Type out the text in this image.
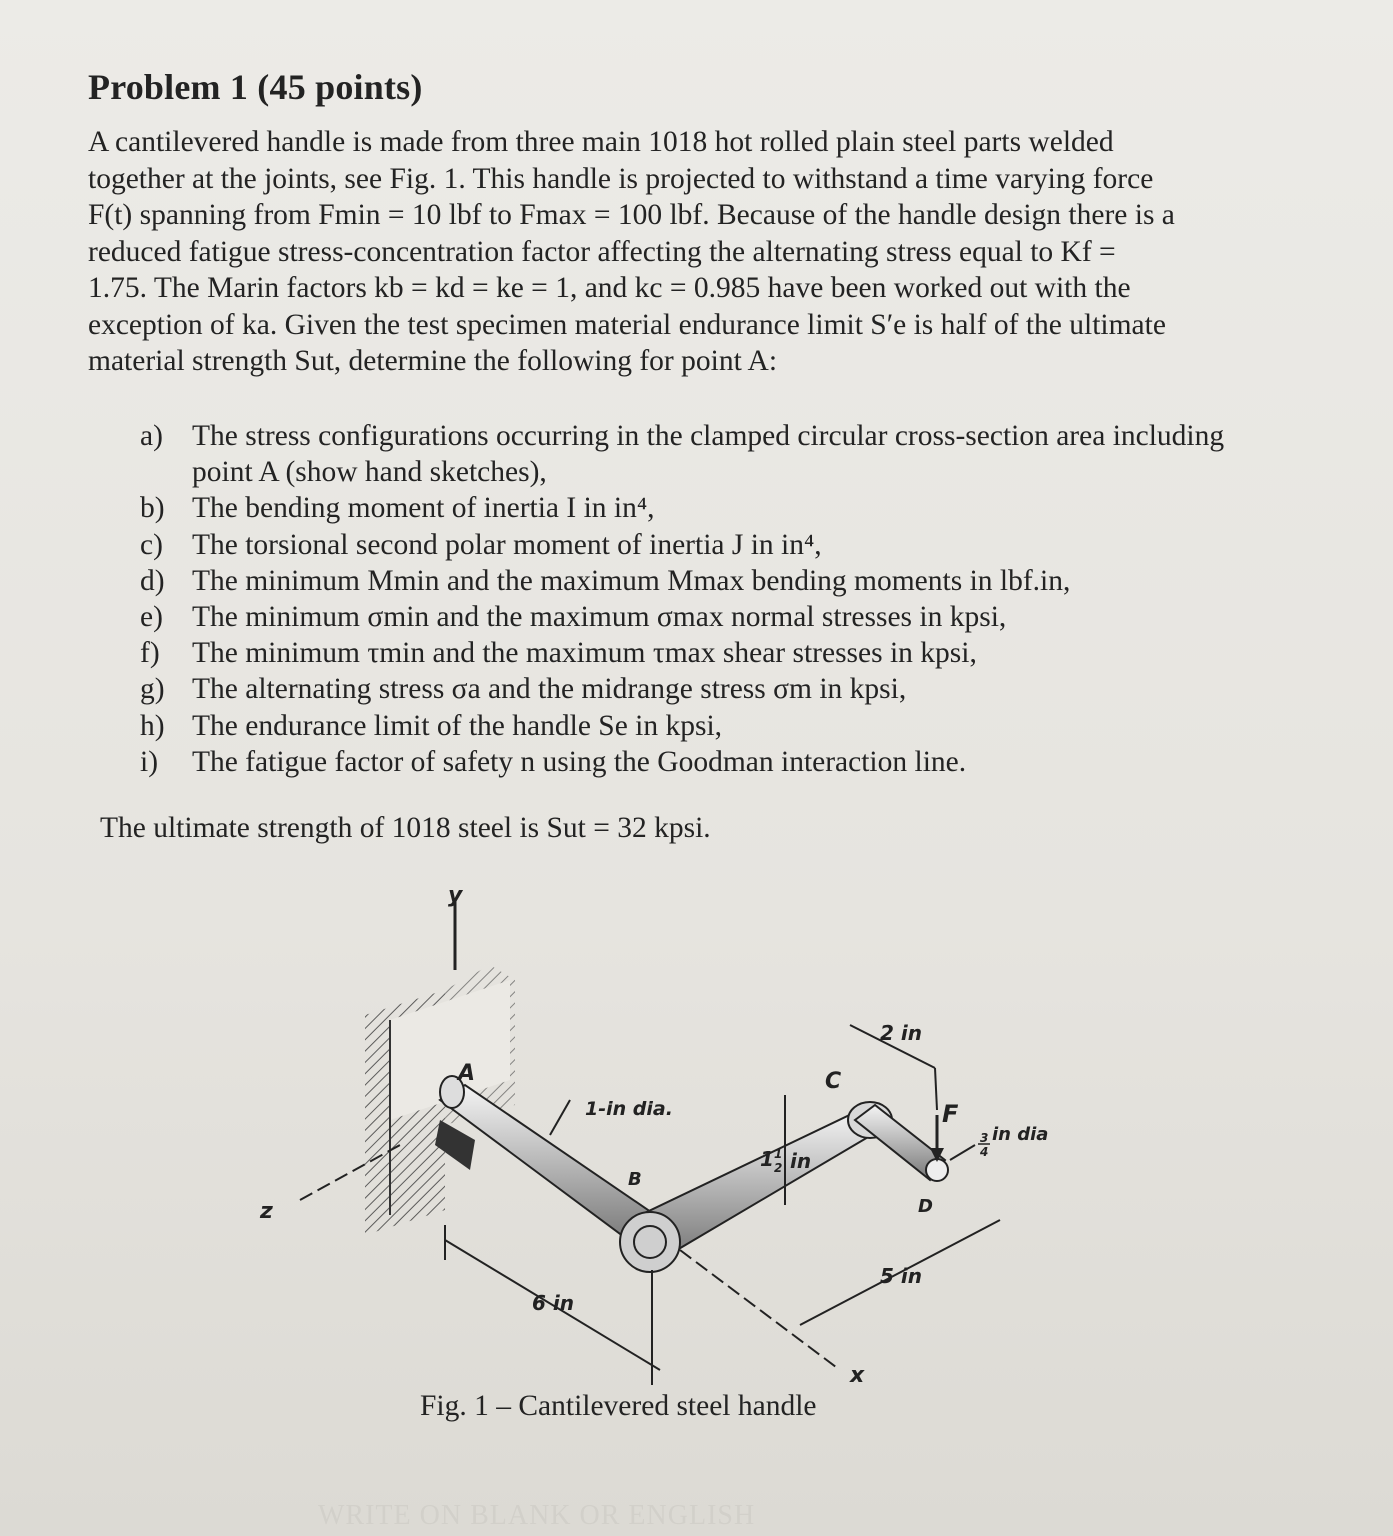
Problem 1 (45 points)
A cantilevered handle is made from three main 1018 hot rolled plain steel parts welded
together at the joints, see Fig. 1. This handle is projected to withstand a time varying force
F(t) spanning from Fmin = 10 lbf to Fmax = 100 lbf. Because of the handle design there is a
reduced fatigue stress-concentration factor affecting the alternating stress equal to Kf =
1.75. The Marin factors kb = kd = ke = 1, and kc = 0.985 have been worked out with the
exception of ka. Given the test specimen material endurance limit S′e is half of the ultimate
material strength Sut, determine the following for point A:
a) The stress configurations occurring in the clamped circular cross-section area including point A (show hand sketches),
b) The bending moment of inertia I in in⁴,
c) The torsional second polar moment of inertia J in in⁴,
d) The minimum Mmin and the maximum Mmax bending moments in lbf.in,
e) The minimum σmin and the maximum σmax normal stresses in kpsi,
f) The minimum τmin and the maximum τmax shear stresses in kpsi,
g) The alternating stress σa and the midrange stress σm in kpsi,
h) The endurance limit of the handle Se in kpsi,
i) The fatigue factor of safety n using the Goodman interaction line.
The ultimate strength of 1018 steel is Sut = 32 kpsi.
y
z
x
A
B
C
D
F
1-in dia.
3
4
in dia
2 in
1 1
2 in
6 in
5 in
Fig. 1 – Cantilevered steel handle
WRITE ON BLANK OR ENGLISH
